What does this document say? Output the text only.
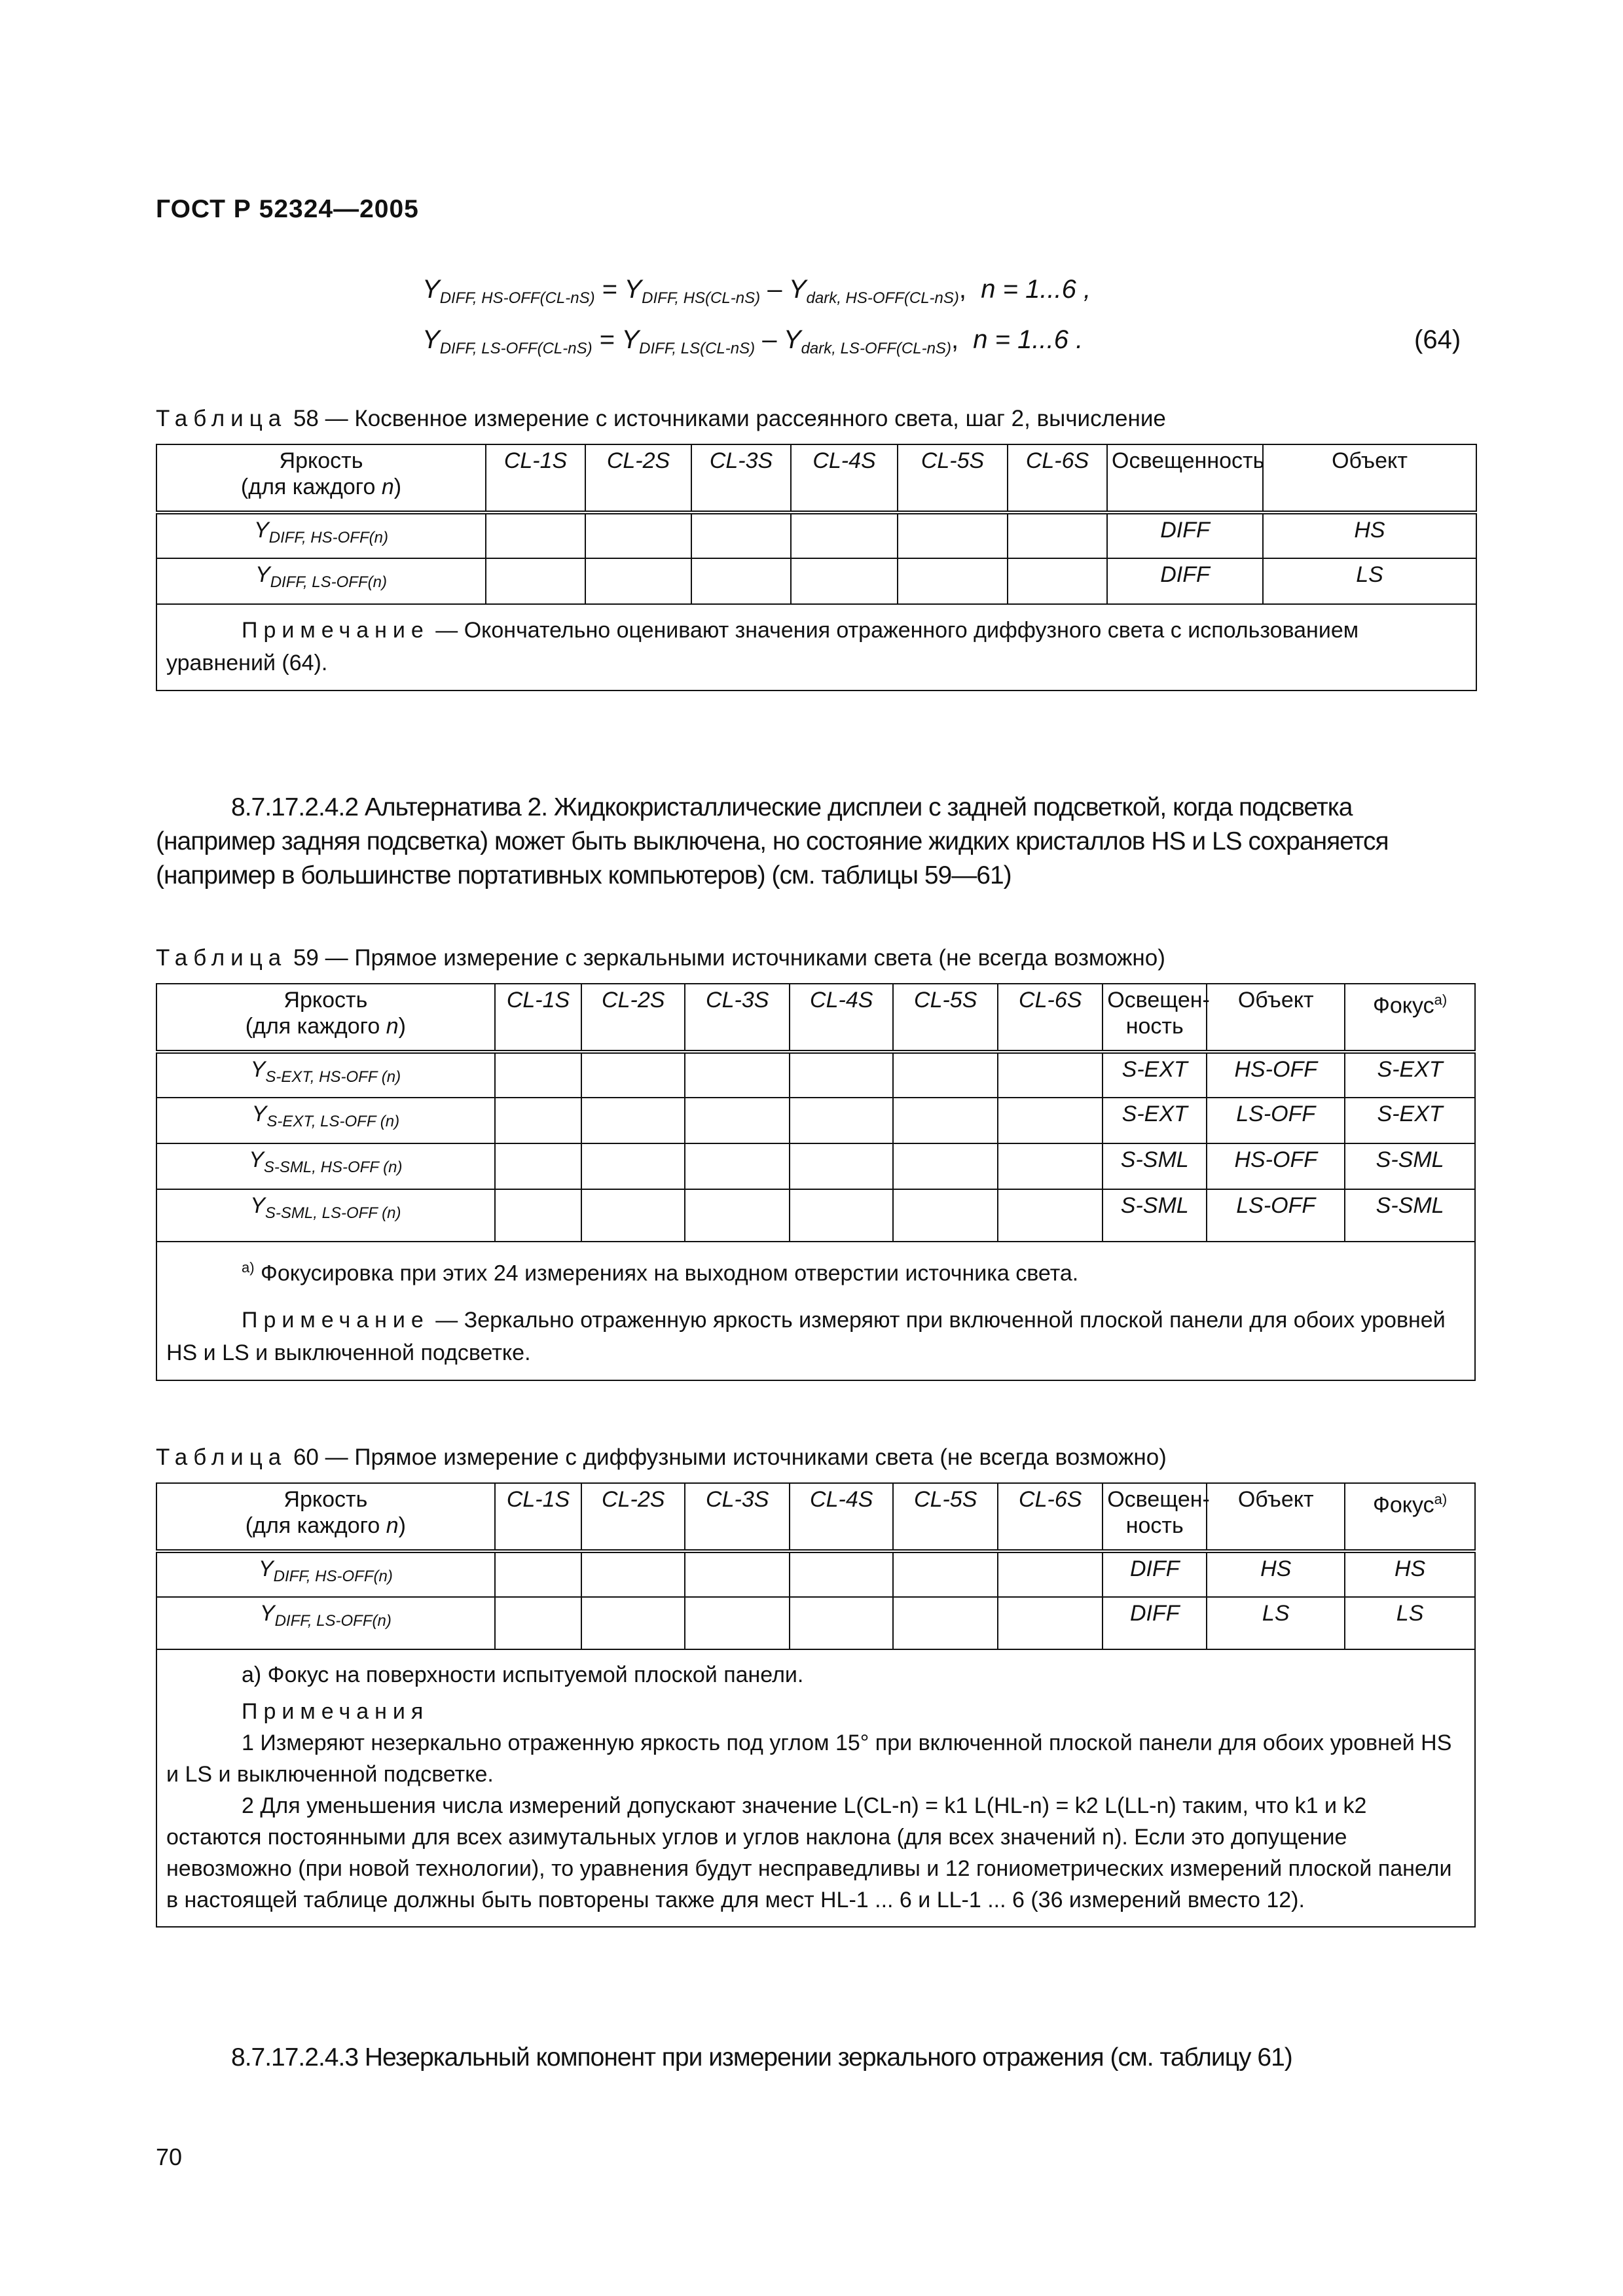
ГОСТ Р 52324—2005
$Y_{DIFF, HS-OFF(CL-nS)} = Y_{DIFF, HS(CL-nS)} - Y_{dark, HS-OFF(CL-nS)}$, n = 1...6 ,
$Y_{DIFF, LS-OFF(CL-nS)} = Y_{DIFF, LS(CL-nS)} - Y_{dark, LS-OFF(CL-nS)}$, n = 1...6 .	(64)
Таблица 58 — Косвенное измерение с источниками рассеянного света, шаг 2, вычисление
Яркость
(для каждого n)	CL-1S	CL-2S	CL-3S	CL-4S	CL-5S	CL-6S	Освещенность	Объект
$Y_{DIFF, HS-OFF(n)}$							DIFF	HS
$Y_{DIFF, LS-OFF(n)}$							DIFF	LS

Примечание — Окончательно оценивают значения отраженного диффузного света с использованием уравнений (64).								
8.7.17.2.4.2 Альтернатива 2. Жидкокристаллические дисплеи с задней подсветкой, когда подсветка (например задняя подсветка) может быть выключена, но состояние жидких кристаллов HS и LS сохраняется (например в большинстве портативных компьютеров) (см. таблицы 59—61)
Таблица 59 — Прямое измерение с зеркальными источниками света (не всегда возможно)
Яркость
(для каждого n)	CL-1S	CL-2S	CL-3S	CL-4S	CL-5S	CL-6S	Освещен-
ность	Объект	Фокус$^{а)}$
$Y_{S-EXT, HS-OFF (n)}$							S-EXT	HS-OFF	S-EXT
$Y_{S-EXT, LS-OFF (n)}$							S-EXT	LS-OFF	S-EXT
$Y_{S-SML, HS-OFF (n)}$							S-SML	HS-OFF	S-SML
$Y_{S-SML, LS-OFF (n)}$							S-SML	LS-OFF	S-SML

$^{а)}$ Фокусировка при этих 24 измерениях на выходном отверстии источника света.
Примечание — Зеркально отраженную яркость измеряют при включенной плоской панели для обоих уровней HS и LS и выключенной подсветке.									
Таблица 60 — Прямое измерение с диффузными источниками света (не всегда возможно)
Яркость
(для каждого n)	CL-1S	CL-2S	CL-3S	CL-4S	CL-5S	CL-6S	Освещен-
ность	Объект	Фокус$^{а)}$
$Y_{DIFF, HS-OFF(n)}$							DIFF	HS	HS
$Y_{DIFF, LS-OFF(n)}$							DIFF	LS	LS

а) Фокус на поверхности испытуемой плоской панели.
Примечания
1 Измеряют незеркально отраженную яркость под углом 15° при включенной плоской панели для обоих уровней HS и LS и выключенной подсветке.
2 Для уменьшения числа измерений допускают значение L(CL-n) = k1 L(HL-n) = k2 L(LL-n) таким, что k1 и k2 остаются постоянными для всех азимутальных углов и углов наклона (для всех значений n). Если это допущение невозможно (при новой технологии), то уравнения будут несправедливы и 12 гониометрических измерений плоской панели в настоящей таблице должны быть повторены также для мест HL-1 ... 6 и LL-1 ... 6 (36 измерений вместо 12).									
8.7.17.2.4.3 Незеркальный компонент при измерении зеркального отражения (см. таблицу 61)
70
